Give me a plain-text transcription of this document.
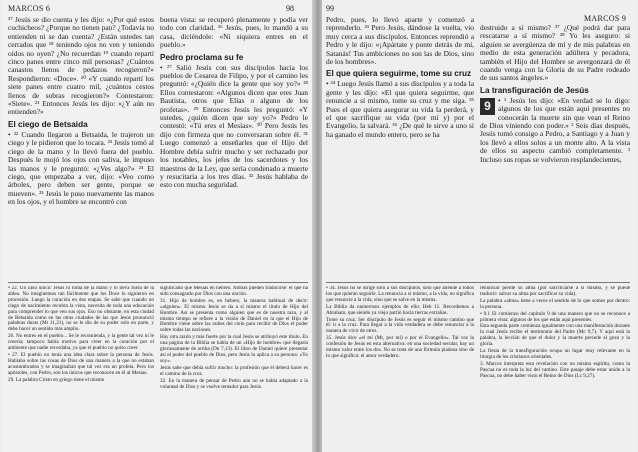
MARCOS 6	98

³⁷ Jesús se dio cuenta y les dijo: «¿Por qué estos cuchicheos? ¿Porque no tienen pan? ¿Todavía no entienden ni se dan cuenta? ¿Están ustedes tan cerrados que ¹⁸ teniendo ojos no ven y teniendo oídos no oyen? ¿No recuerdan ¹⁹ cuando repartí cinco panes entre cinco mil personas? ¿Cuántos canastos llenos de pedazos recogieron?» Respondieron: «Doce». ²⁰ «Y cuando repartí los siete panes entre cuatro mil, ¿cuántos cestos llenos de sobras recogieron?» Contestaron: «Siete». ²¹ Entonces Jesús les dijo: «¿Y aún no entienden?»

El ciego de Betsaida

• ²² Cuando llegaron a Betsaida, le trajeron un ciego y le pidieron que lo tocara. ²³ Jesús tomó al ciego de la mano y lo llevó fuera del pueblo. Después le mojó los ojos con saliva, le impuso las manos y le preguntó: «¿Ves algo?» ²⁴ El ciego, que empezaba a ver, dijo: «Veo como árboles, pero deben ser gente, porque se mueven». ²⁵ Jesús le puso nuevamente las manos en los ojos, y el hombre se encontró con

buena vista: se recuperó plenamente y podía ver todo con claridad. ²⁶ Jesús, pues, lo mandó a su casa, diciéndole: «Ni siquiera entres en el pueblo.»

Pedro proclama su fe

• ²⁷ Salió Jesús con sus discípulos hacia los pueblos de Cesarea de Filipo, y por el camino les preguntó: «¿Quién dice la gente que soy yo?» ²⁸ Ellos contestaron: «Algunos dicen que eres Juan Bautista, otros que Elías o alguno de los profetas». ²⁹ Entonces Jesús les preguntó: «Y ustedes, ¿quién dicen que soy yo?» Pedro le contestó: «Tú eres el Mesías». ³⁰ Pero Jesús les dijo con firmeza que no conversaran sobre él. ³¹ Luego comenzó a enseñarles que el Hijo del Hombre debía sufrir mucho y ser rechazado por los notables, los jefes de los sacerdotes y los maestros de la Ley, que sería condenado a muerte y resucitaría a los tres días. ³² Jesús hablaba de esto con mucha seguridad.

• 22. Un caso único: Jesús lo toma de la mano y lo lleva fuera de la aldea. No imaginemos tan fácilmente que los Doce lo siguieron en procesión. Luego la curación en dos etapas. Se sabe que cuando un ciego de nacimiento recobra la vista, necesita de toda una educación para comprender lo que ven sus ojos. Eso no obstante, en esta ciudad de Betsaida como en las otras ciudades de las que Jesús pronunció palabras duras (Mt 11,21), no se le dio de su poder solo en parte, y debe hacer un sentido más amplio.

26. No entres en el pueblo... Se le recomienda, y la gente tal vez ni le creería; tampoco había motivo para creer en la curación por el ambiente que nadie recordaba, ya que el pueblo no quiso creer.

• 27. El pueblo no tenía una idea clara sobre la persona de Jesús. Hablaba sobre las cosas de Dios de una manera a la que no estaban acostumbrados y se imaginaban que tal vez era un profeta. Pero los apóstoles, con Pedro, son los únicos que reconocen en él al Mesías.

29. La palabra Cristo en griego tiene el mismo

significado que Mesías en hebreo. Ambas pueden traducirse: el que ha sido consagrado por Dios con una unción.

31. Hijo de hombre es, en hebreo, la manera habitual de decir: «alguien». El mismo Jesús se da a sí mismo el título de Hijo del Hombre. Así se presenta como alguien que es de nuestra raza, y al mismo tiempo se refiere a la visión de Daniel en la que el Hijo de Hombre viene sobre las nubes del cielo para recibir de Dios el poder sobre todas las naciones.

Hay otra razón y más fuerte por la cual Jesús se atribuyó este título. En una página de la Biblia se habla de un «Hijo de hombre» que llegaría gloriosamente de arriba (Dn 7,13). El libro de Daniel quiere presentar así el poder del pueblo de Dios, pero Jesús lo aplica a su persona: «Yo soy».

Jesús sabe que debía sufrir mucho: la profesión que él deberá hacer es el camino de la cruz.

32. En la manera de pensar de Pedro aún no se había adaptado a la voluntad de Dios y se vuelve tentador para Jesús.

99
MARCOS 9

Pedro, pues, lo llevó aparte y comenzó a reprenderlo. ³³ Pero Jesús, dándose la vuelta, vio muy cerca a sus discípulos. Entonces reprendió a Pedro y le dijo: «¡Apártate y ponte detrás de mí, Satanás! Tus ambiciones no son las de Dios, sino de los hombres».

El que quiera seguirme, tome su cruz

• ³⁴ Luego Jesús llamó a sus discípulos y a toda la gente y les dijo: «El que quiera seguirme, que renuncie a sí mismo, tome su cruz y me siga. ³⁵ Pues el que quiera asegurar su vida la perderá, y el que sacrifique su vida (por mí y) por el Evangelio, la salvará. ³⁶ ¿De qué le sirve a uno si ha ganado el mundo entero, pero se ha

destruido a sí mismo? ³⁷ ¿Qué podrá dar para rescatarse a sí mismo? ³⁸ Yo les aseguro: si alguien se avergüenza de mí y de mis palabras en medio de esta generación adúltera y pecadora, también el Hijo del Hombre se avergonzará de él cuando venga con la Gloria de su Padre rodeado de sus santos ángeles.»

La transfiguración de Jesús

9 • ¹ Jesús les dijo: «En verdad se lo digo: algunos de los que están aquí presentes no conocerán la muerte sin que vean el Reino de Dios viniendo con poder.» ² Seis días después, Jesús tomó consigo a Pedro, a Santiago y a Juan y los llevó a ellos solos a un monte alto. A la vista de ellos su aspecto cambió completamente. ³ Incluso sus ropas se volvieron resplandecientes,

• 34. Jesús no se dirige sólo a sus discípulos, sino que atiende a todos los que quieran seguirle. La renuncia a sí mismo, a la vida, no significa que renuncie a la vida, sino que se salve en la misma.

La Biblia da numerosos ejemplos de ello: Heb 11. Recordemos a Abraham, que siendo ya viejo partió hacia tierras extrañas.

Tome su cruz. Ser discípulo de Jesús es seguir el mismo camino que él: ir a la cruz. Para llegar a la vida verdadera se debe renunciar a la manera de vivir de otros.

35. Jesús dice «el mí (Mt, por mí) o por el Evangelio». Tal vez la confesión de Jesús en esta alternativa: en una sociedad secular, hay un mismo valor entre los dos. No se trata de una fórmula piadosa sino de lo que significa: el amor verdadero.

renunciar pierde su alma (por sacrificarse a sí mismo, y se puede traducir: salvar su alma por sacrificar su vida).

La palabra «alma» tiene a veces el sentido de lo que somos por dentro: la persona.

• 9.1 El comienzo del capítulo 9 de una manera que no se reconoce a primera vista: algunos de los que están aquí presentes.

Esta segunda parte comienza igualmente con una manifestación durante la cual Jesús recibe el testimonio del Padre (Mc 9,7). Y aquí está la palabra, la lección de que el dolor y la muerte precede al gozo y la gloria.

La fiesta de la transfiguración ocupa un lugar muy relevante en la liturgia de los cristianos orientales.

3. Marcos interpreta esta revelación con un mismo espíritu, como la Pascua no es toda la luz del camino. Este pasaje debe estar unido a la Pascua, no debe haber visto el Reino de Dios (Lc 9,27).
